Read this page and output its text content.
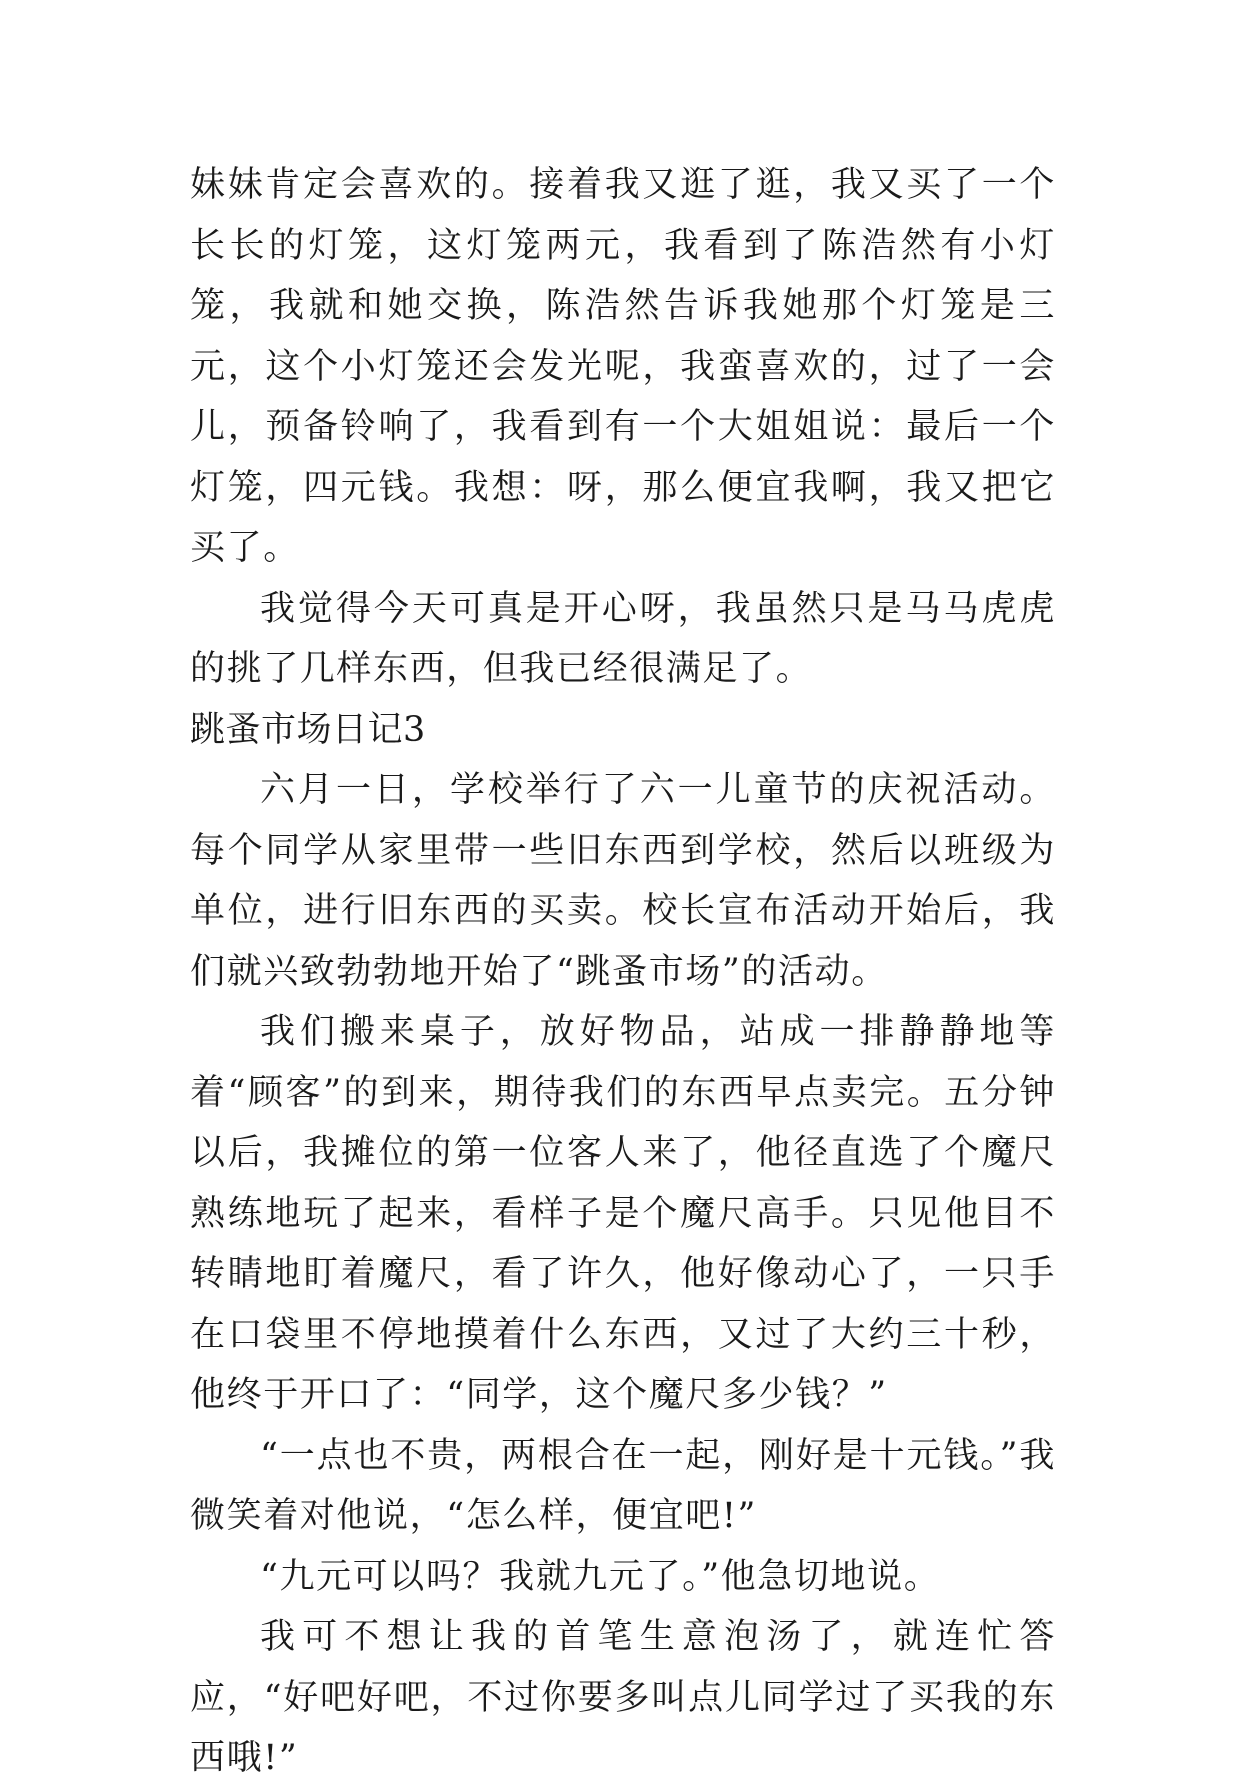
妹妹肯定会喜欢的。接着我又逛了逛，我又买了一个长长的灯笼，这灯笼两元，我看到了陈浩然有小灯笼，我就和她交换，陈浩然告诉我她那个灯笼是三元，这个小灯笼还会发光呢，我蛮喜欢的，过了一会儿，预备铃响了，我看到有一个大姐姐说：最后一个灯笼，四元钱。我想：呀，那么便宜我啊，我又把它买了。

我觉得今天可真是开心呀，我虽然只是马马虎虎的挑了几样东西，但我已经很满足了。

跳蚤市场日记3

六月一日，学校举行了六一儿童节的庆祝活动。每个同学从家里带一些旧东西到学校，然后以班级为单位，进行旧东西的买卖。校长宣布活动开始后，我们就兴致勃勃地开始了“跳蚤市场”的活动。

我们搬来桌子，放好物品，站成一排静静地等着“顾客”的到来，期待我们的东西早点卖完。五分钟以后，我摊位的第一位客人来了，他径直选了个魔尺熟练地玩了起来，看样子是个魔尺高手。只见他目不转睛地盯着魔尺，看了许久，他好像动心了，一只手在口袋里不停地摸着什么东西，又过了大约三十秒，他终于开口了：“同学，这个魔尺多少钱？”

“一点也不贵，两根合在一起，刚好是十元钱。”我微笑着对他说，“怎么样，便宜吧!”

“九元可以吗？我就九元了。”他急切地说。

我可不想让我的首笔生意泡汤了，就连忙答应，“好吧好吧，不过你要多叫点儿同学过了买我的东西哦!”
